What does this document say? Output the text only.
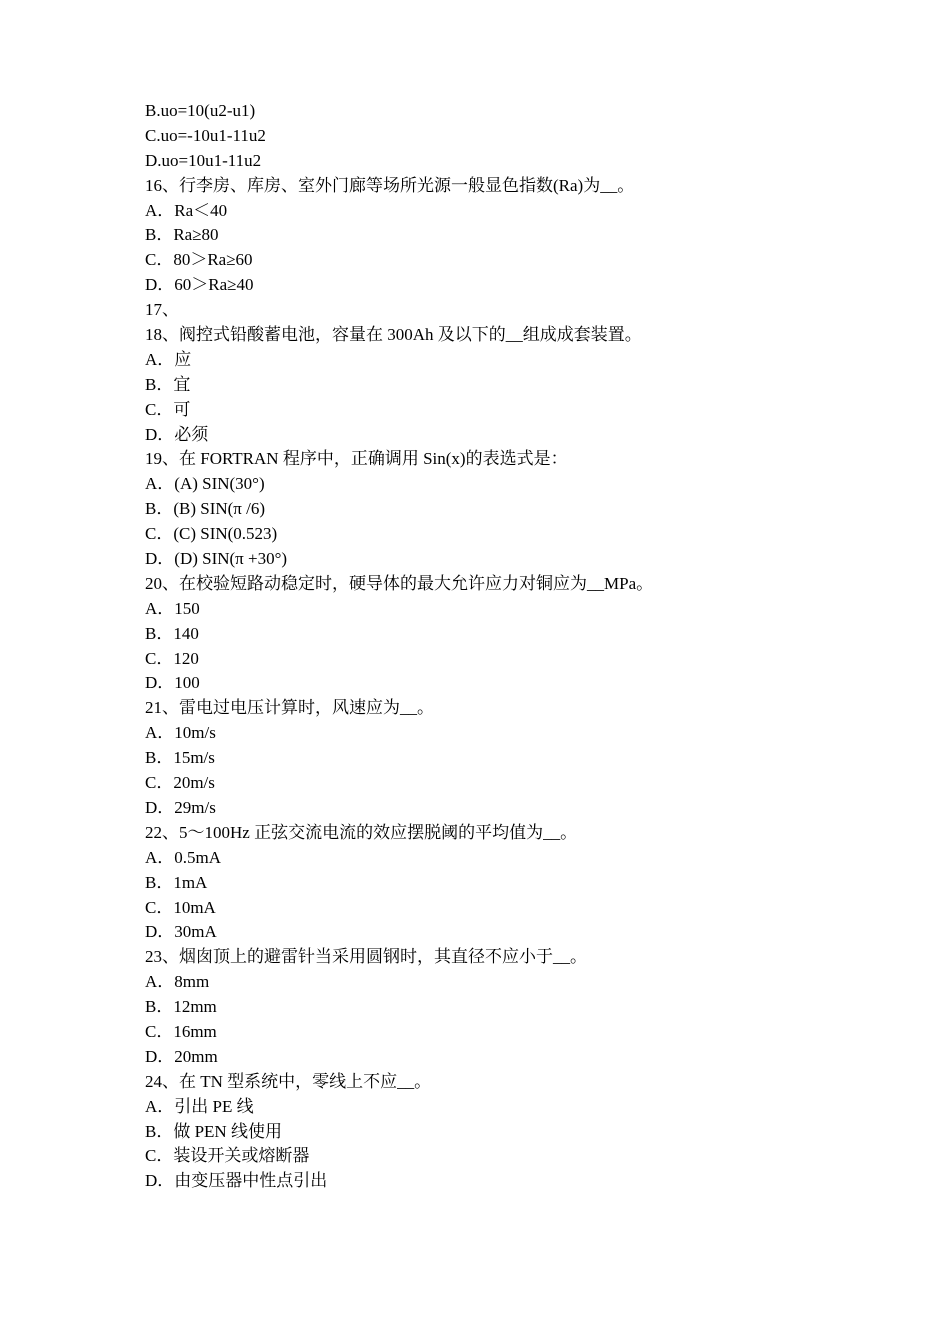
B.uo=10(u2-u1)
C.uo=-10u1-11u2
D.uo=10u1-11u2
16、行李房、库房、室外门廊等场所光源一般显色指数(Ra)为__。
A．Ra＜40
B．Ra≥80
C．80＞Ra≥60
D．60＞Ra≥40
17、
18、阀控式铅酸蓄电池，容量在 300Ah 及以下的__组成成套装置。
A．应
B．宜
C．可
D．必须
19、在 FORTRAN 程序中，正确调用 Sin(x)的表选式是：
A．(A) SIN(30°)
B．(B) SIN(π /6)
C．(C) SIN(0.523)
D．(D) SIN(π +30°)
20、在校验短路动稳定时，硬导体的最大允许应力对铜应为__MPa。
A．150
B．140
C．120
D．100
21、雷电过电压计算时，风速应为__。
A．10m/s
B．15m/s
C．20m/s
D．29m/s
22、5～100Hz 正弦交流电流的效应摆脱阈的平均值为__。
A．0.5mA
B．1mA
C．10mA
D．30mA
23、烟囱顶上的避雷针当采用圆钢时，其直径不应小于__。
A．8mm
B．12mm
C．16mm
D．20mm
24、在 TN 型系统中，零线上不应__。
A．引出 PE 线
B．做 PEN 线使用
C．装设开关或熔断器
D．由变压器中性点引出
